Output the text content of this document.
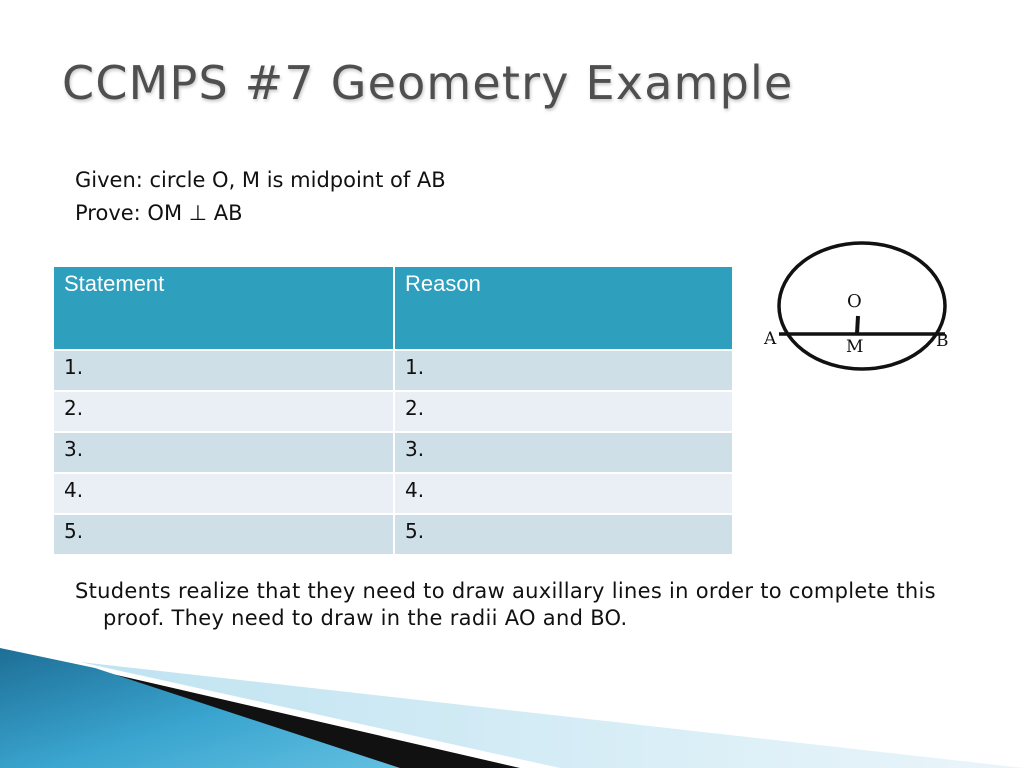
CCMPS #7 Geometry Example
Given: circle O, M is midpoint of AB
Prove: OM ⊥ AB
Statement	Reason
1.	1.
2.	2.
3.	3.
4.	4.
5.	5.
O
A	M	B
Students realize that they need to draw auxillary lines in order to complete this proof. They need to draw in the radii AO and BO.
